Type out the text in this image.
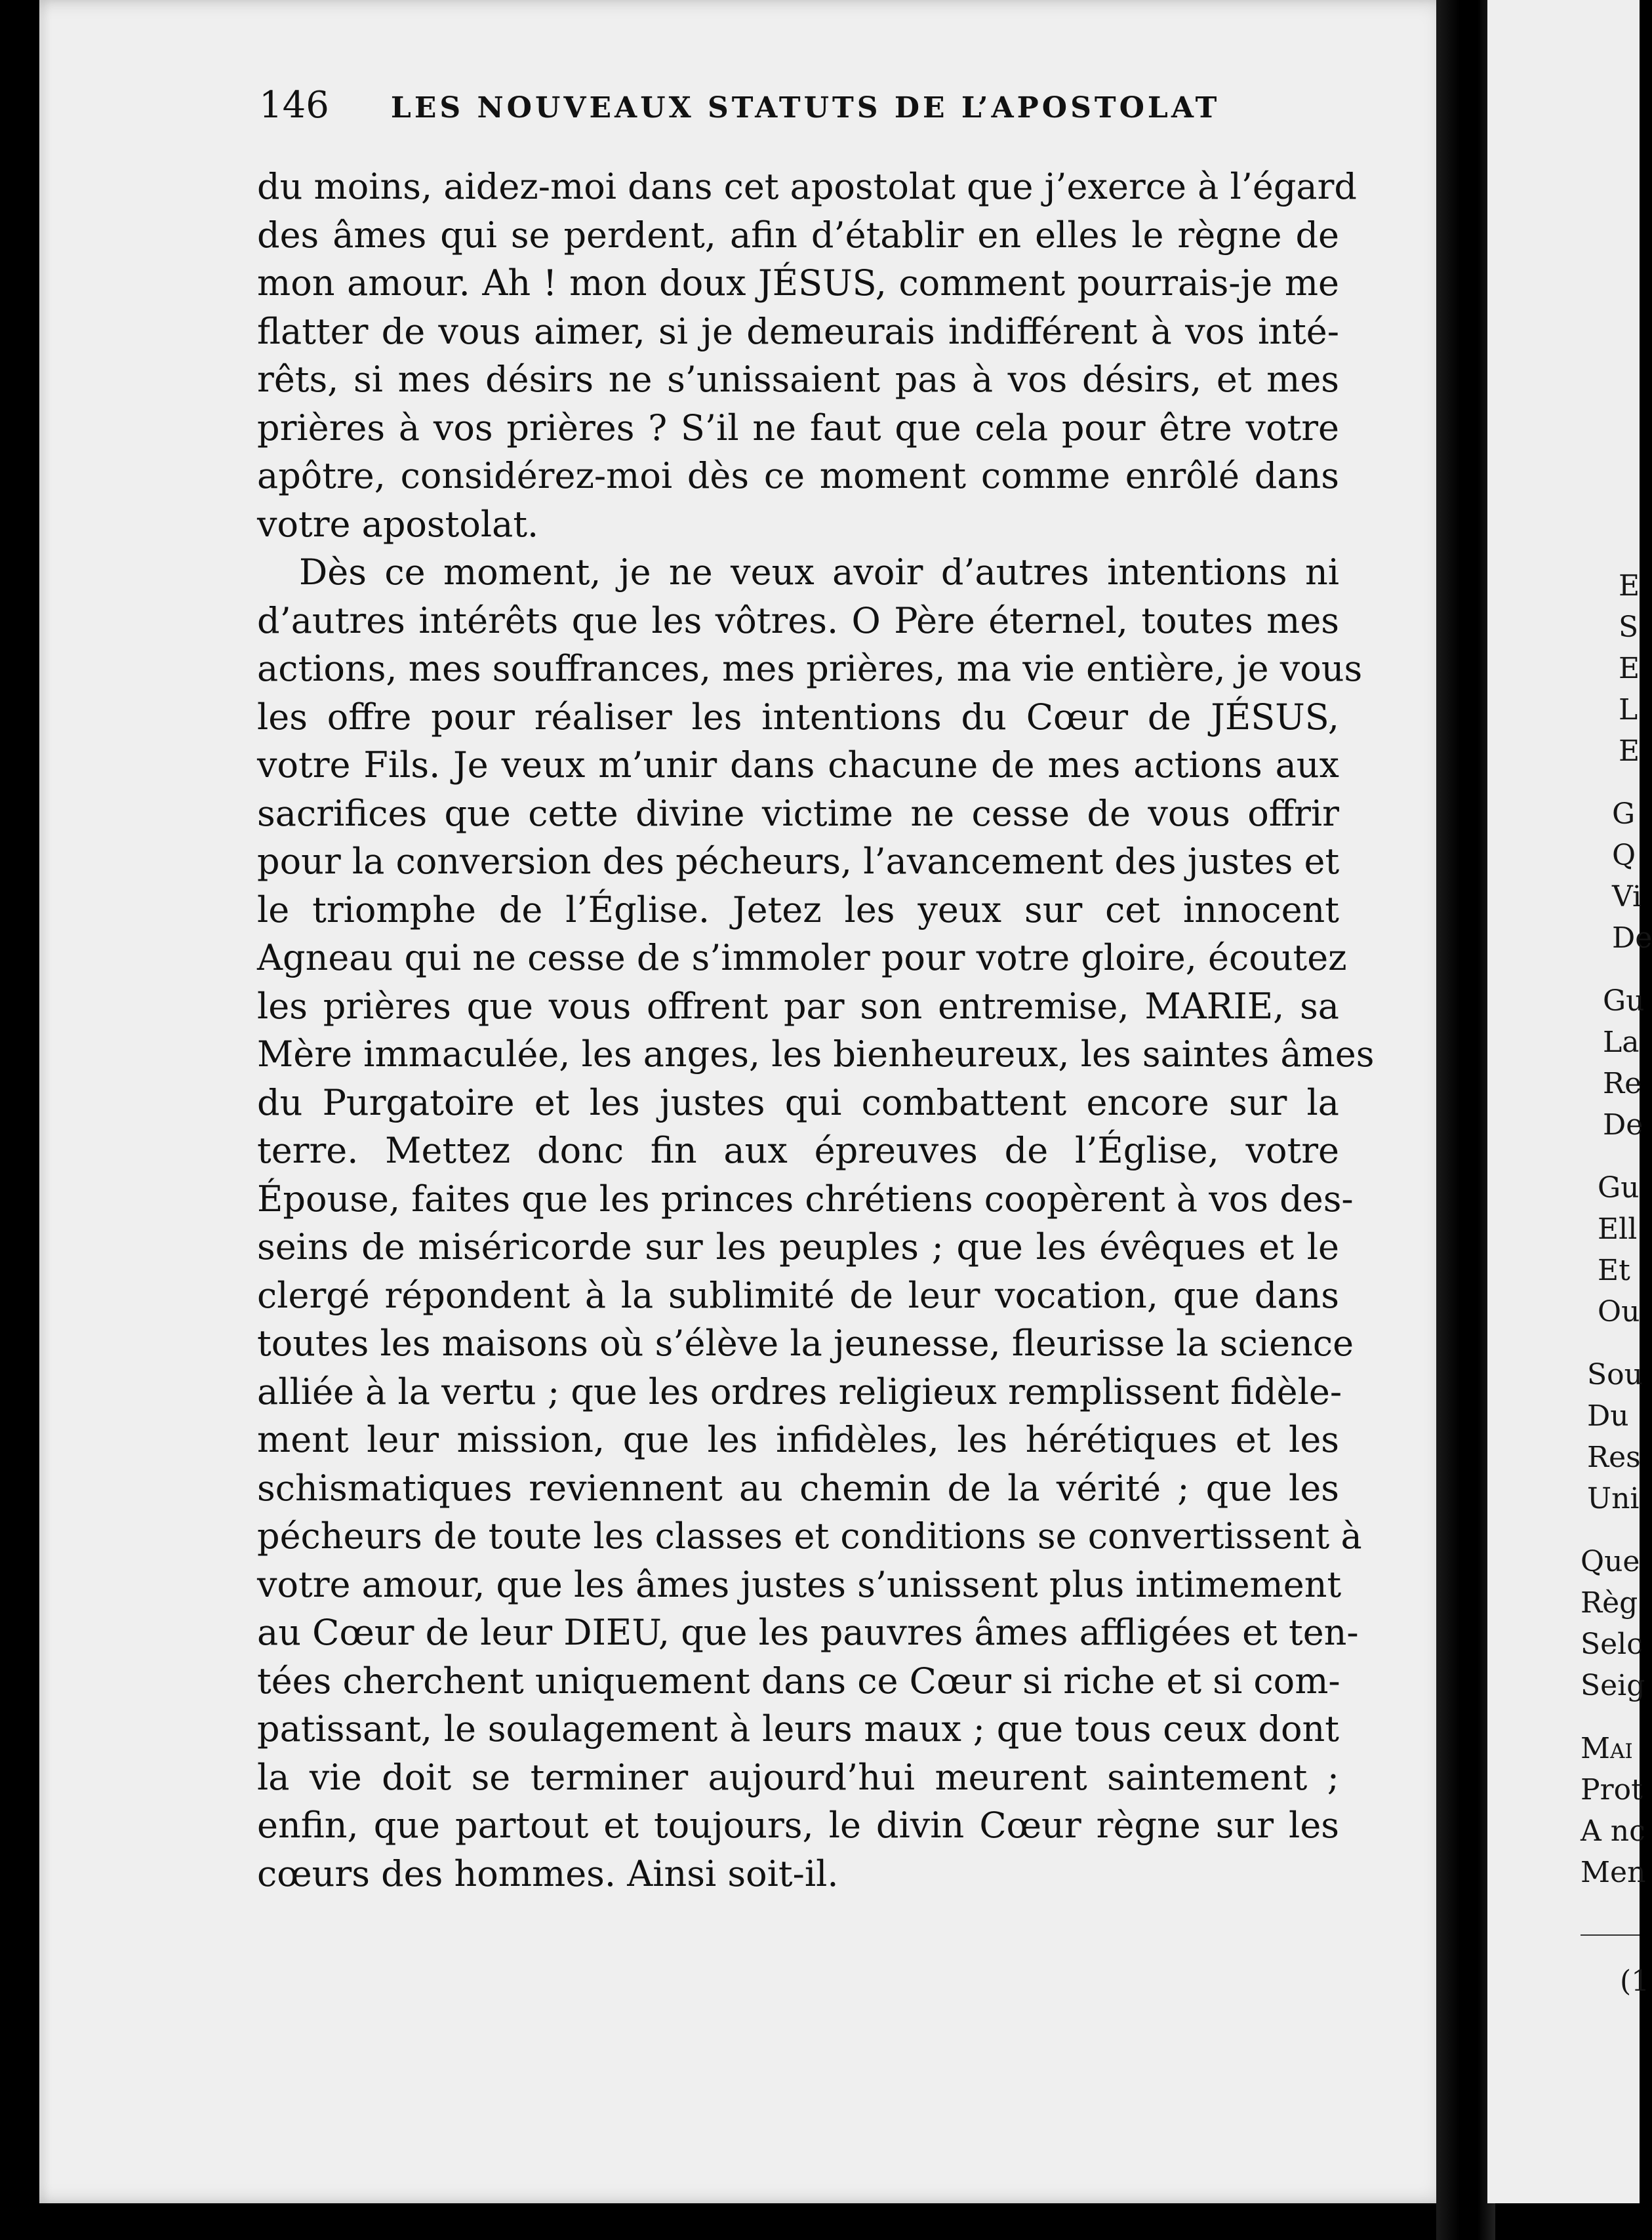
146 LES NOUVEAUX STATUTS DE L’APOSTOLAT
du moins, aidez-moi dans cet apostolat que j’exerce à l’égard
des âmes qui se perdent, afin d’établir en elles le règne de
mon amour. Ah ! mon doux JÉSUS, comment pourrais-je me
flatter de vous aimer, si je demeurais indifférent à vos inté-
rêts, si mes désirs ne s’unissaient pas à vos désirs, et mes
prières à vos prières ? S’il ne faut que cela pour être votre
apôtre, considérez-moi dès ce moment comme enrôlé dans
votre apostolat.
Dès ce moment, je ne veux avoir d’autres intentions ni
d’autres intérêts que les vôtres. O Père éternel, toutes mes
actions, mes souffrances, mes prières, ma vie entière, je vous
les offre pour réaliser les intentions du Cœur de JÉSUS,
votre Fils. Je veux m’unir dans chacune de mes actions aux
sacrifices que cette divine victime ne cesse de vous offrir
pour la conversion des pécheurs, l’avancement des justes et
le triomphe de l’Église. Jetez les yeux sur cet innocent
Agneau qui ne cesse de s’immoler pour votre gloire, écoutez
les prières que vous offrent par son entremise, MARIE, sa
Mère immaculée, les anges, les bienheureux, les saintes âmes
du Purgatoire et les justes qui combattent encore sur la
terre. Mettez donc fin aux épreuves de l’Église, votre
Épouse, faites que les princes chrétiens coopèrent à vos des-
seins de miséricorde sur les peuples ; que les évêques et le
clergé répondent à la sublimité de leur vocation, que dans
toutes les maisons où s’élève la jeunesse, fleurisse la science
alliée à la vertu ; que les ordres religieux remplissent fidèle-
ment leur mission, que les infidèles, les hérétiques et les
schismatiques reviennent au chemin de la vérité ; que les
pécheurs de toute les classes et conditions se convertissent à
votre amour, que les âmes justes s’unissent plus intimement
au Cœur de leur DIEU, que les pauvres âmes affligées et ten-
tées cherchent uniquement dans ce Cœur si riche et si com-
patissant, le soulagement à leurs maux ; que tous ceux dont
la vie doit se terminer aujourd’hui meurent saintement ;
enfin, que partout et toujours, le divin Cœur règne sur les
cœurs des hommes. Ainsi soit-il.
E
S
E
L
E
G
Q
Vi
De
Gu
La
Re
De
Gu
Ell
Et
Ou
Sou
Du
Res
Uni
Que
Règ
Selc
Seig
Mai
Prot
A nc
Men
(1
